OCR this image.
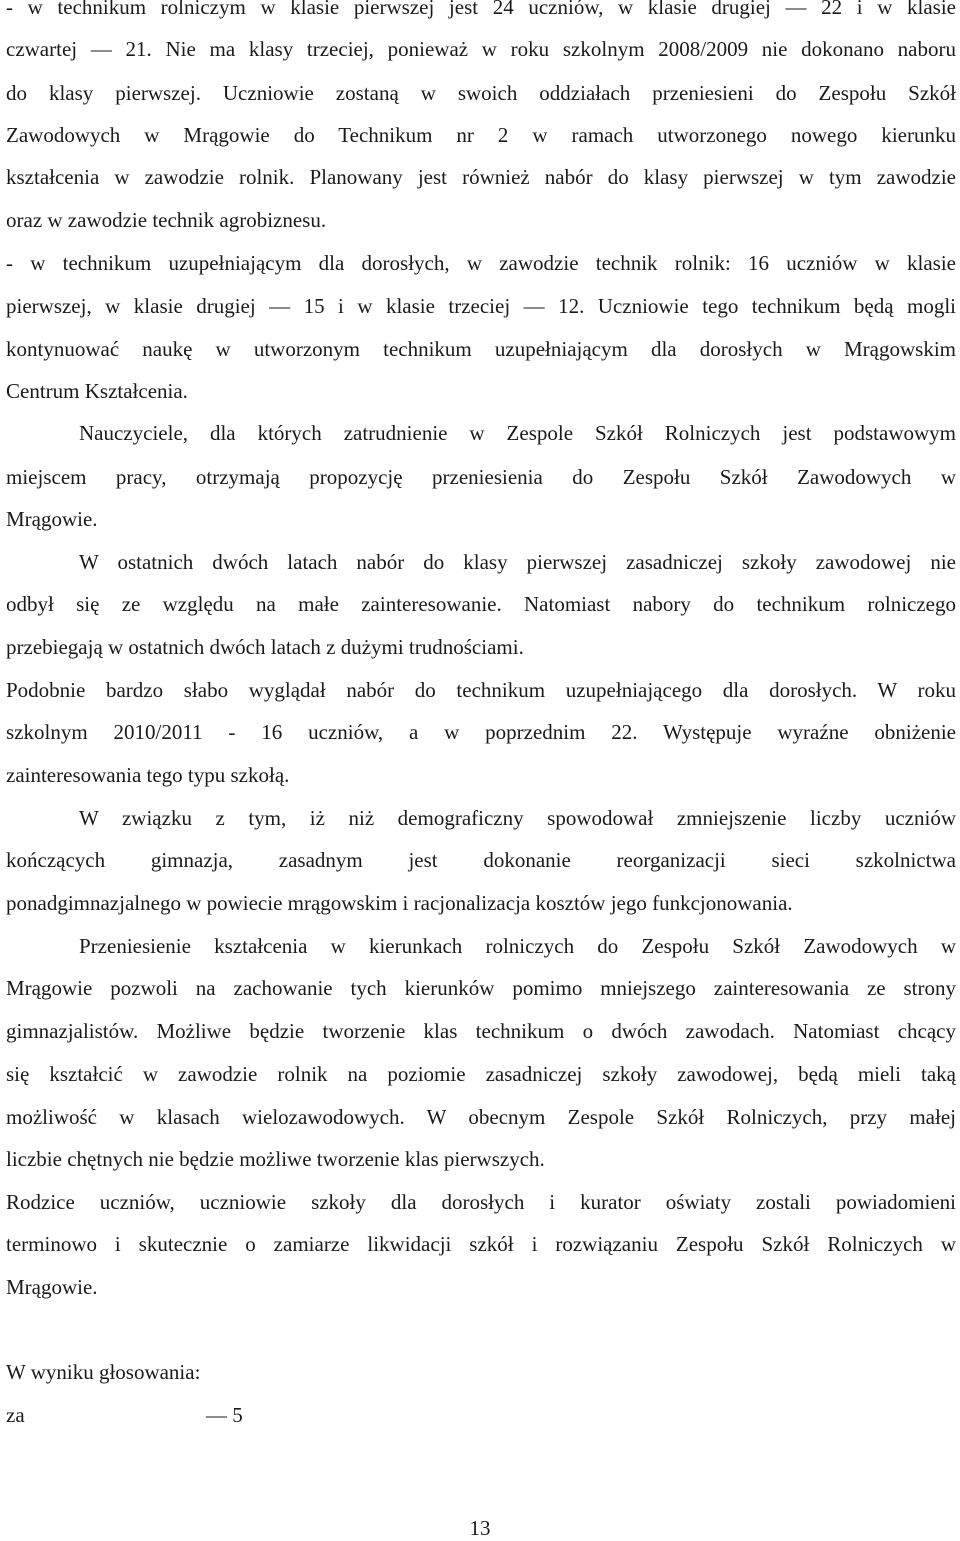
- w technikum rolniczym w klasie pierwszej jest 24 uczniów, w klasie drugiej — 22 i w klasie
czwartej — 21. Nie ma klasy trzeciej, ponieważ w roku szkolnym 2008/2009 nie dokonano naboru
do klasy pierwszej. Uczniowie zostaną w swoich oddziałach przeniesieni do Zespołu Szkół
Zawodowych w Mrągowie do Technikum nr 2 w ramach utworzonego nowego kierunku
kształcenia w zawodzie rolnik. Planowany jest również nabór do klasy pierwszej w tym zawodzie
oraz w zawodzie technik agrobiznesu.
- w technikum uzupełniającym dla dorosłych, w zawodzie technik rolnik: 16 uczniów w klasie
pierwszej, w klasie drugiej — 15 i w klasie trzeciej — 12. Uczniowie tego technikum będą mogli
kontynuować naukę w utworzonym technikum uzupełniającym dla dorosłych w Mrągowskim
Centrum Kształcenia.
Nauczyciele, dla których zatrudnienie w Zespole Szkół Rolniczych jest podstawowym
miejscem pracy, otrzymają propozycję przeniesienia do Zespołu Szkół Zawodowych w
Mrągowie.
W ostatnich dwóch latach nabór do klasy pierwszej zasadniczej szkoły zawodowej nie
odbył się ze względu na małe zainteresowanie. Natomiast nabory do technikum rolniczego
przebiegają w ostatnich dwóch latach z dużymi trudnościami.
Podobnie bardzo słabo wyglądał nabór do technikum uzupełniającego dla dorosłych. W roku
szkolnym 2010/2011 - 16 uczniów, a w poprzednim 22. Występuje wyraźne obniżenie
zainteresowania tego typu szkołą.
W związku z tym, iż niż demograficzny spowodował zmniejszenie liczby uczniów
kończących gimnazja, zasadnym jest dokonanie reorganizacji sieci szkolnictwa
ponadgimnazjalnego w powiecie mrągowskim i racjonalizacja kosztów jego funkcjonowania.
Przeniesienie kształcenia w kierunkach rolniczych do Zespołu Szkół Zawodowych w
Mrągowie pozwoli na zachowanie tych kierunków pomimo mniejszego zainteresowania ze strony
gimnazjalistów. Możliwe będzie tworzenie klas technikum o dwóch zawodach. Natomiast chcący
się kształcić w zawodzie rolnik na poziomie zasadniczej szkoły zawodowej, będą mieli taką
możliwość w klasach wielozawodowych. W obecnym Zespole Szkół Rolniczych, przy małej
liczbie chętnych nie będzie możliwe tworzenie klas pierwszych.
Rodzice uczniów, uczniowie szkoły dla dorosłych i kurator oświaty zostali powiadomieni
terminowo i skutecznie o zamiarze likwidacji szkół i rozwiązaniu Zespołu Szkół Rolniczych w
Mrągowie.
W wyniku głosowania:
za	— 5
13
